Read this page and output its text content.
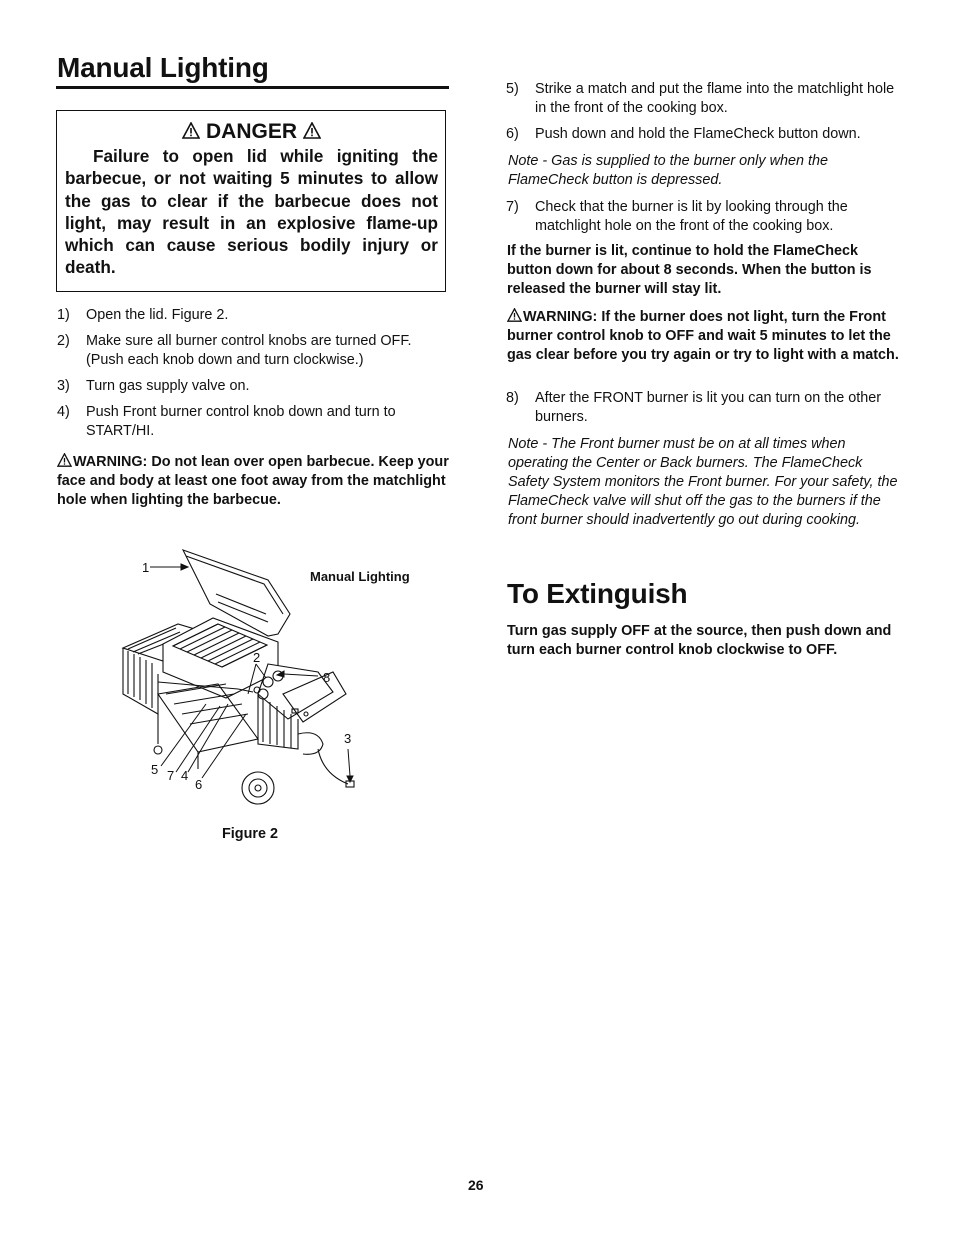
Manual Lighting
DANGER

Failure to open lid while igniting the barbecue, or not waiting 5 minutes to allow the gas to clear if the barbecue does not light, may result in an explosive flame-up which can cause serious bodily injury or death.

1)	Open the lid. Figure 2.
2)	Make sure all burner control knobs are turned OFF. (Push each knob down and turn clockwise.)
3)	Turn gas supply valve on.
4)	Push Front burner control knob down and turn to START/HI.
WARNING: Do not lean over open barbecue. Keep your face and body at least one foot away from the matchlight hole when lighting the barbecue.
Manual Lighting
1
2
8
3
5 7 4
6
Figure 2
5)	Strike a match and put the flame into the matchlight hole in the front of the cooking box.
6)	Push down and hold the FlameCheck button down.
Note - Gas is supplied to the burner only when the FlameCheck button is depressed.
7)	Check that the burner is lit by looking through the matchlight hole on the front of the cooking box.
If the burner is lit, continue to hold the FlameCheck button down for about 8 seconds. When the button is released the burner will stay lit.
WARNING: If the burner does not light, turn the Front burner control knob to OFF and wait 5 minutes to let the gas clear before you try again or try to light with a match.
8)	After the FRONT burner is lit you can turn on the other burners.
Note - The Front burner must be on at all times when operating the Center or Back burners. The FlameCheck Safety System monitors the Front burner. For your safety, the FlameCheck valve will shut off the gas to the burners if the front burner should inadvertently go out during cooking.
To Extinguish
Turn gas supply OFF at the source, then push down and turn each burner control knob clockwise to OFF.
26
